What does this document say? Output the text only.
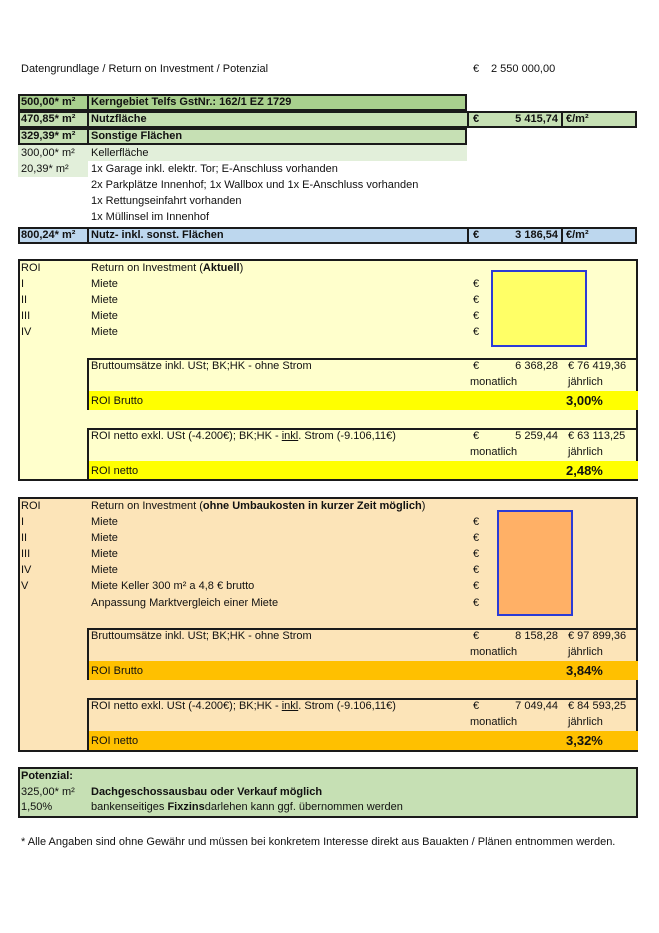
Datengrundlage / Return on Investment / Potenzial	€ 2 550 000,00
500,00* m² Kerngebiet Telfs GstNr.: 162/1 EZ 1729
470,85* m² Nutzfläche	€	5 415,74 €/m²
329,39* m² Sonstige Flächen
300,00* m² Kellerfläche
20,39* m² 1x Garage inkl. elektr. Tor; E-Anschluss vorhanden
2x Parkplätze Innenhof; 1x Wallbox und 1x E-Anschluss vorhanden
1x Rettungseinfahrt vorhanden
1x Müllinsel im Innenhof
800,24* m² Nutz- inkl. sonst. Flächen	€	3 186,54 €/m²
ROI	Return on Investment (Aktuell)
I	Miete	€
II	Miete	€
III	Miete	€
IV	Miete	€
Bruttoumsätze inkl. USt; BK;HK - ohne Strom	€	6 368,28 € 76 419,36
monatlich	jährlich
ROI Brutto	3,00%
ROI netto exkl. USt (-4.200€); BK;HK - inkl. Strom (-9.106,11€)	€	5 259,44 € 63 113,25
monatlich	jährlich
ROI netto	2,48%
ROI	Return on Investment (ohne Umbaukosten in kurzer Zeit möglich)
I	Miete	€
II	Miete	€
III	Miete	€
IV	Miete	€
V	Miete Keller 300 m² a 4,8 € brutto	€
Anpassung Marktvergleich einer Miete	€
Bruttoumsätze inkl. USt; BK;HK - ohne Strom	€	8 158,28 € 97 899,36
monatlich	jährlich
ROI Brutto	3,84%
ROI netto exkl. USt (-4.200€); BK;HK - inkl. Strom (-9.106,11€)	€	7 049,44 € 84 593,25
monatlich	jährlich
ROI netto	3,32%
Potenzial:
325,00* m² Dachgeschossausbau oder Verkauf möglich
1,50%	bankenseitiges Fixzinsdarlehen kann ggf. übernommen werden
* Alle Angaben sind ohne Gewähr und müssen bei konkretem Interesse direkt aus Bauakten / Plänen entnommen werden.
